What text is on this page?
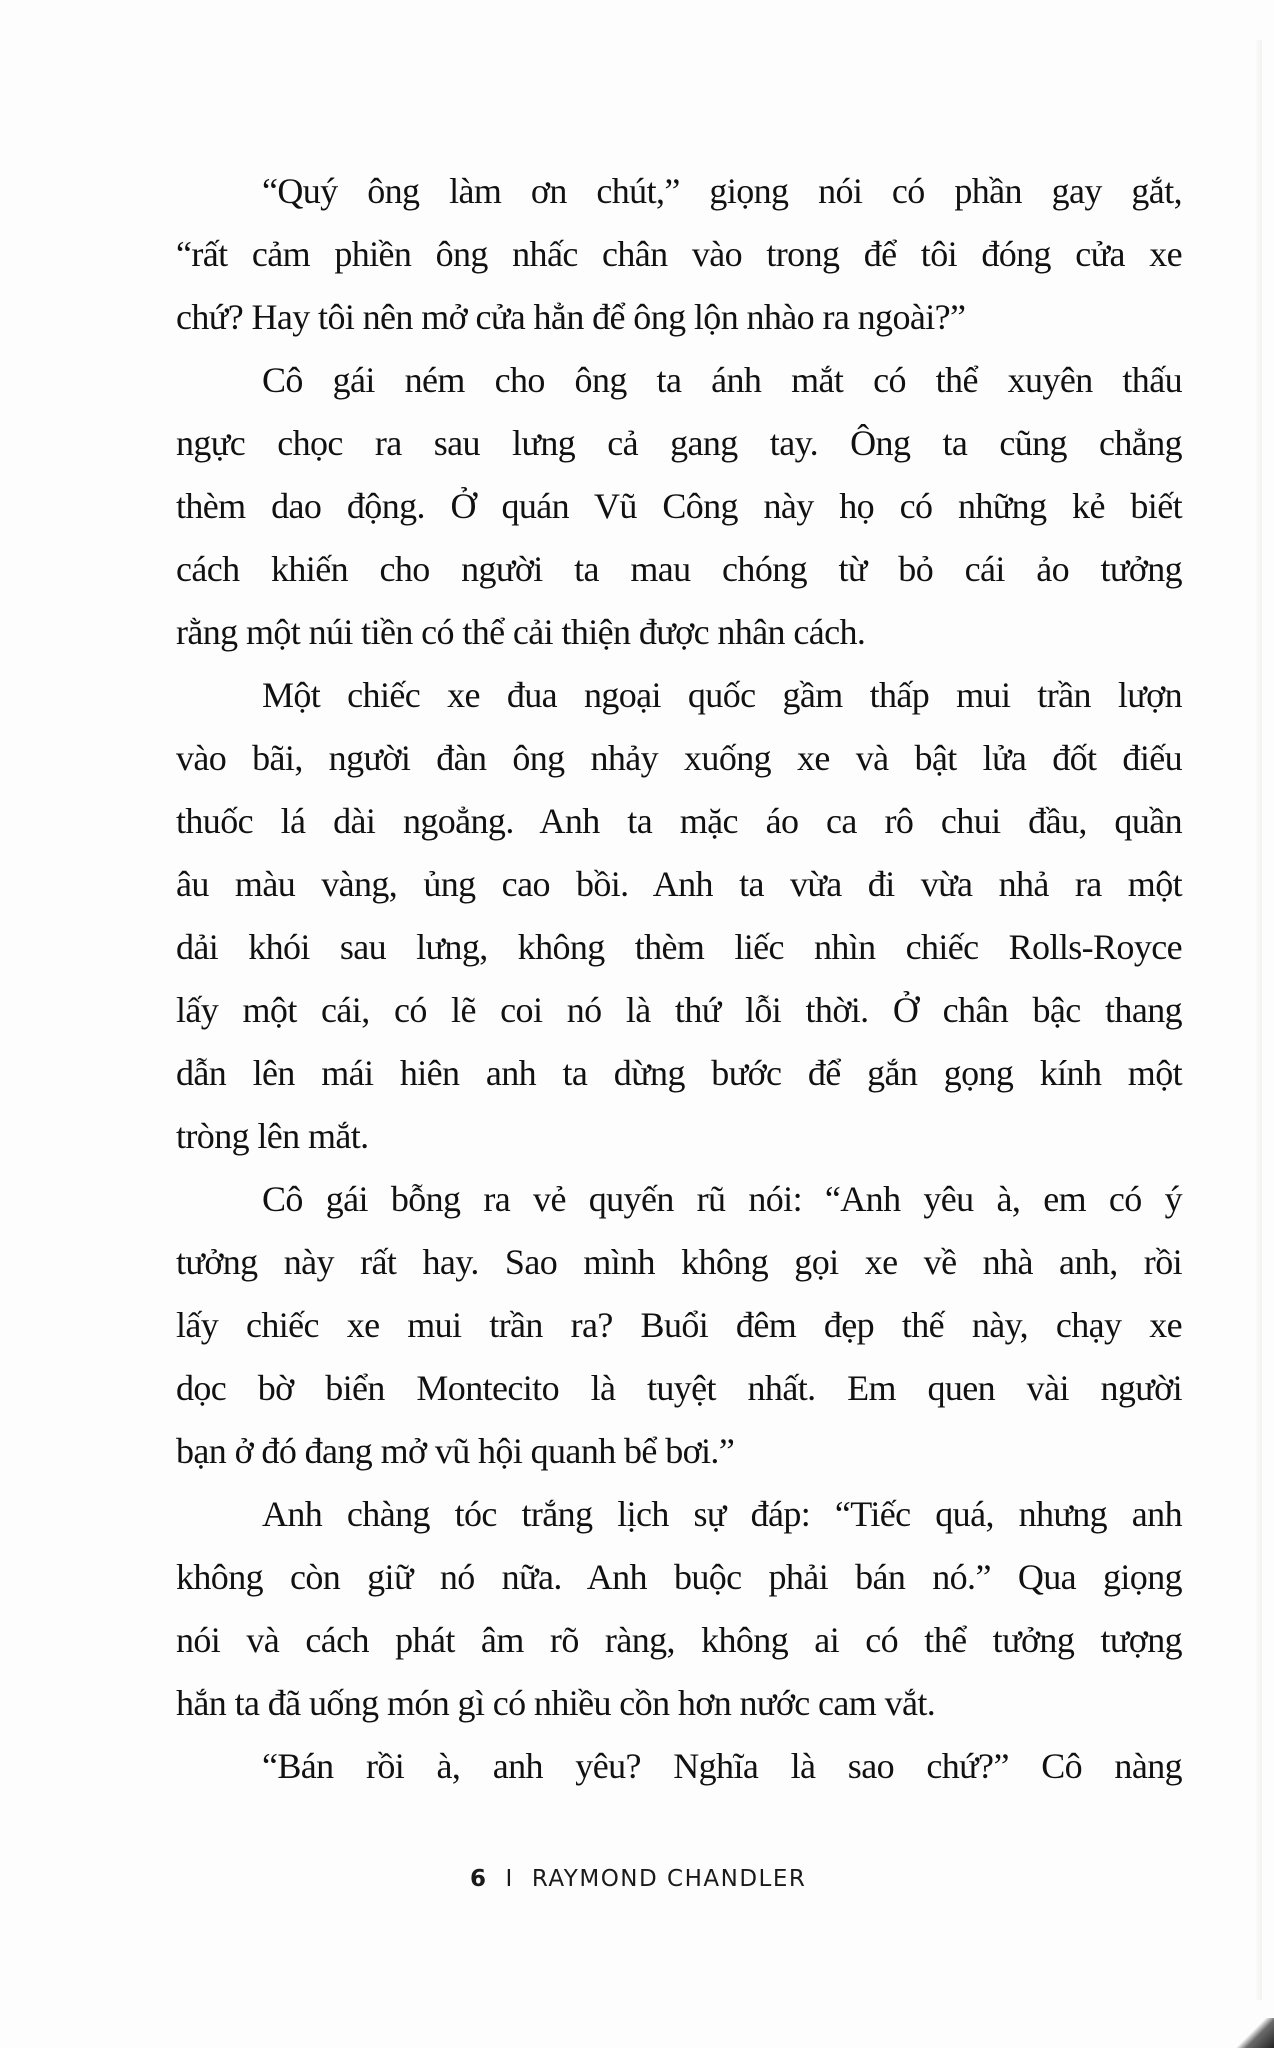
“Quý ông làm ơn chút,” giọng nói có phần gay gắt,
“rất cảm phiền ông nhấc chân vào trong để tôi đóng cửa xe
chứ? Hay tôi nên mở cửa hẳn để ông lộn nhào ra ngoài?”
Cô gái ném cho ông ta ánh mắt có thể xuyên thấu
ngực chọc ra sau lưng cả gang tay. Ông ta cũng chẳng
thèm dao động. Ở quán Vũ Công này họ có những kẻ biết
cách khiến cho người ta mau chóng từ bỏ cái ảo tưởng
rằng một núi tiền có thể cải thiện được nhân cách.
Một chiếc xe đua ngoại quốc gầm thấp mui trần lượn
vào bãi, người đàn ông nhảy xuống xe và bật lửa đốt điếu
thuốc lá dài ngoẳng. Anh ta mặc áo ca rô chui đầu, quần
âu màu vàng, ủng cao bồi. Anh ta vừa đi vừa nhả ra một
dải khói sau lưng, không thèm liếc nhìn chiếc Rolls-Royce
lấy một cái, có lẽ coi nó là thứ lỗi thời. Ở chân bậc thang
dẫn lên mái hiên anh ta dừng bước để gắn gọng kính một
tròng lên mắt.
Cô gái bỗng ra vẻ quyến rũ nói: “Anh yêu à, em có ý
tưởng này rất hay. Sao mình không gọi xe về nhà anh, rồi
lấy chiếc xe mui trần ra? Buổi đêm đẹp thế này, chạy xe
dọc bờ biển Montecito là tuyệt nhất. Em quen vài người
bạn ở đó đang mở vũ hội quanh bể bơi.”
Anh chàng tóc trắng lịch sự đáp: “Tiếc quá, nhưng anh
không còn giữ nó nữa. Anh buộc phải bán nó.” Qua giọng
nói và cách phát âm rõ ràng, không ai có thể tưởng tượng
hắn ta đã uống món gì có nhiều cồn hơn nước cam vắt.
“Bán rồi à, anh yêu? Nghĩa là sao chứ?” Cô nàng
6 I RAYMOND CHANDLER
